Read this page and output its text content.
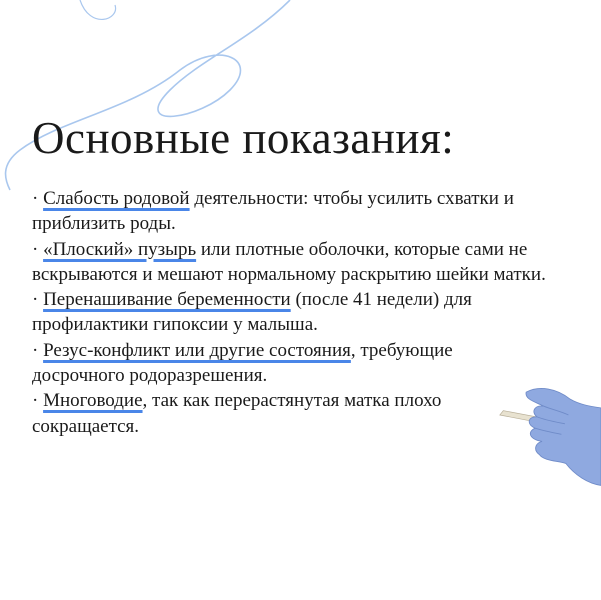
Основные показания:

· Слабость родовой деятельности: чтобы усилить схватки и приблизить роды.

· «Плоский» пузырь или плотные оболочки, которые сами не вскрываются и мешают нормальному раскрытию шейки матки.

· Перенашивание беременности (после 41 недели) для профилактики гипоксии у малыша.

· Резус-конфликт или другие состояния, требующие досрочного родоразрешения.

· Многоводие, так как перерастянутая матка плохо сокращается.
